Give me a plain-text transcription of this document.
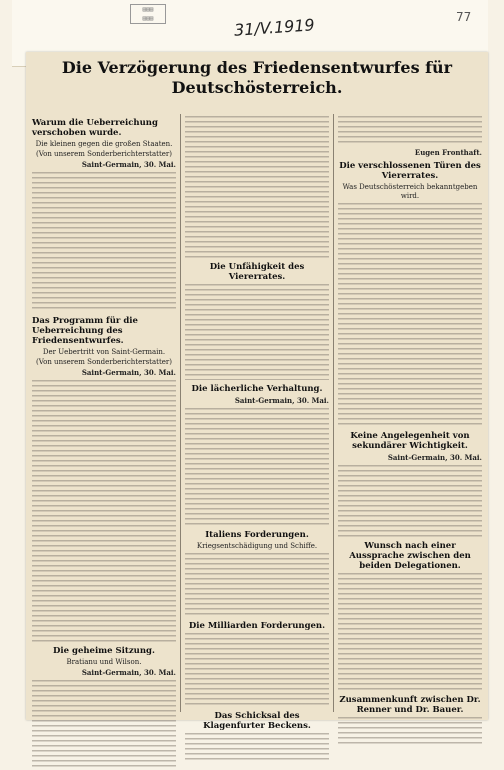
▤▤▤
▤▤▤	31/V.1919	77
Die Verzögerung des Friedensentwurfes für Deutschösterreich.
Warum die Ueberreichung verschoben wurde.
Die kleinen gegen die großen Staaten.
(Von unserem Sonderberichterstatter)
Saint-Germain, 30. Mai.
Das Programm für die Ueberreichung des Friedensentwurfes.
Der Uebertritt von Saint-Germain.
(Von unserem Sonderberichterstatter)
Saint-Germain, 30. Mai.
Die geheime Sitzung.
Bratianu und Wilson.
Saint-Germain, 30. Mai.
Die Unfähigkeit des Viererrates.
Die lächerliche Verhaltung.
Saint-Germain, 30. Mai.
Italiens Forderungen.
Kriegsentschädigung und Schiffe.
Die Milliarden Forderungen.
Das Schicksal des Klagenfurter Beckens.
Eugen Fronthaft.
Die verschlossenen Türen des Viererrates.
Was Deutschösterreich bekanntgeben wird.
Keine Angelegenheit von sekundärer Wichtigkeit.
Saint-Germain, 30. Mai.
Wunsch nach einer Aussprache zwischen den beiden Delegationen.
Zusammenkunft zwischen Dr. Renner und Dr. Bauer.
